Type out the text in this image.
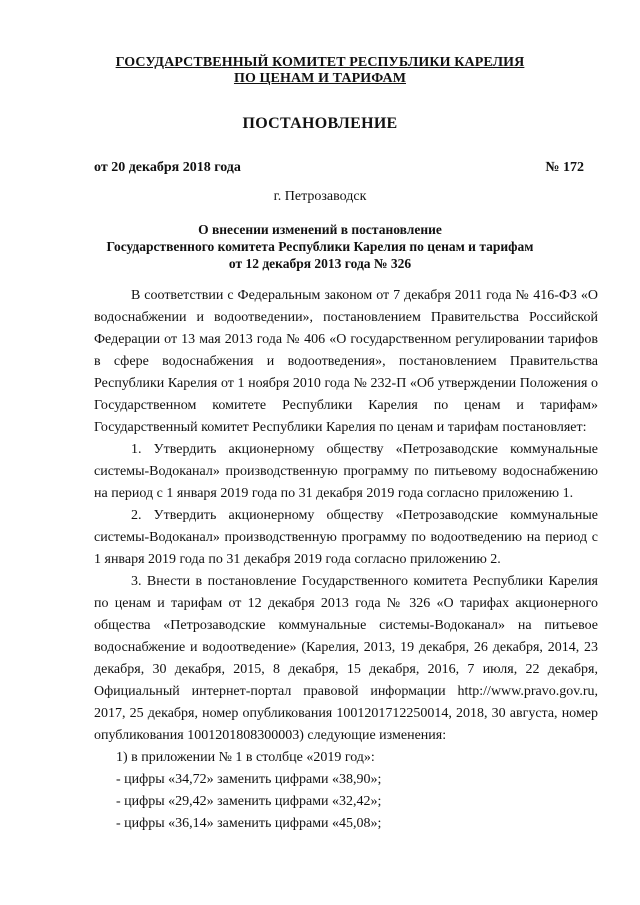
ГОСУДАРСТВЕННЫЙ КОМИТЕТ РЕСПУБЛИКИ КАРЕЛИЯ
ПО ЦЕНАМ И ТАРИФАМ
ПОСТАНОВЛЕНИЕ
от 20 декабря 2018 года	№ 172
г. Петрозаводск
О внесении изменений в постановление
Государственного комитета Республики Карелия по ценам и тарифам
от 12 декабря 2013 года № 326

В соответствии с Федеральным законом от 7 декабря 2011 года № 416-ФЗ «О водоснабжении и водоотведении», постановлением Правительства Российской Федерации от 13 мая 2013 года № 406 «О государственном регулировании тарифов в сфере водоснабжения и водоотведения», постановлением Правительства Республики Карелия от 1 ноября 2010 года № 232-П «Об утверждении Положения о Государственном комитете Республики Карелия по ценам и тарифам» Государственный комитет Республики Карелия по ценам и тарифам постановляет:

1. Утвердить акционерному обществу «Петрозаводские коммунальные системы-Водоканал» производственную программу по питьевому водоснабжению на период с 1 января 2019 года по 31 декабря 2019 года согласно приложению 1.

2. Утвердить акционерному обществу «Петрозаводские коммунальные системы-Водоканал» производственную программу по водоотведению на период с 1 января 2019 года по 31 декабря 2019 года согласно приложению 2.

3. Внести в постановление Государственного комитета Республики Карелия по ценам и тарифам от 12 декабря 2013 года № 326 «О тарифах акционерного общества «Петрозаводские коммунальные системы-Водоканал» на питьевое водоснабжение и водоотведение» (Карелия, 2013, 19 декабря, 26 декабря, 2014, 23 декабря, 30 декабря, 2015, 8 декабря, 15 декабря, 2016, 7 июля, 22 декабря, Официальный интернет-портал правовой информации http://www.pravo.gov.ru, 2017, 25 декабря, номер опубликования 1001201712250014, 2018, 30 августа, номер опубликования 1001201808300003) следующие изменения:

1) в приложении № 1 в столбце «2019 год»:

- цифры «34,72» заменить цифрами «38,90»;

- цифры «29,42» заменить цифрами «32,42»;

- цифры «36,14» заменить цифрами «45,08»;
